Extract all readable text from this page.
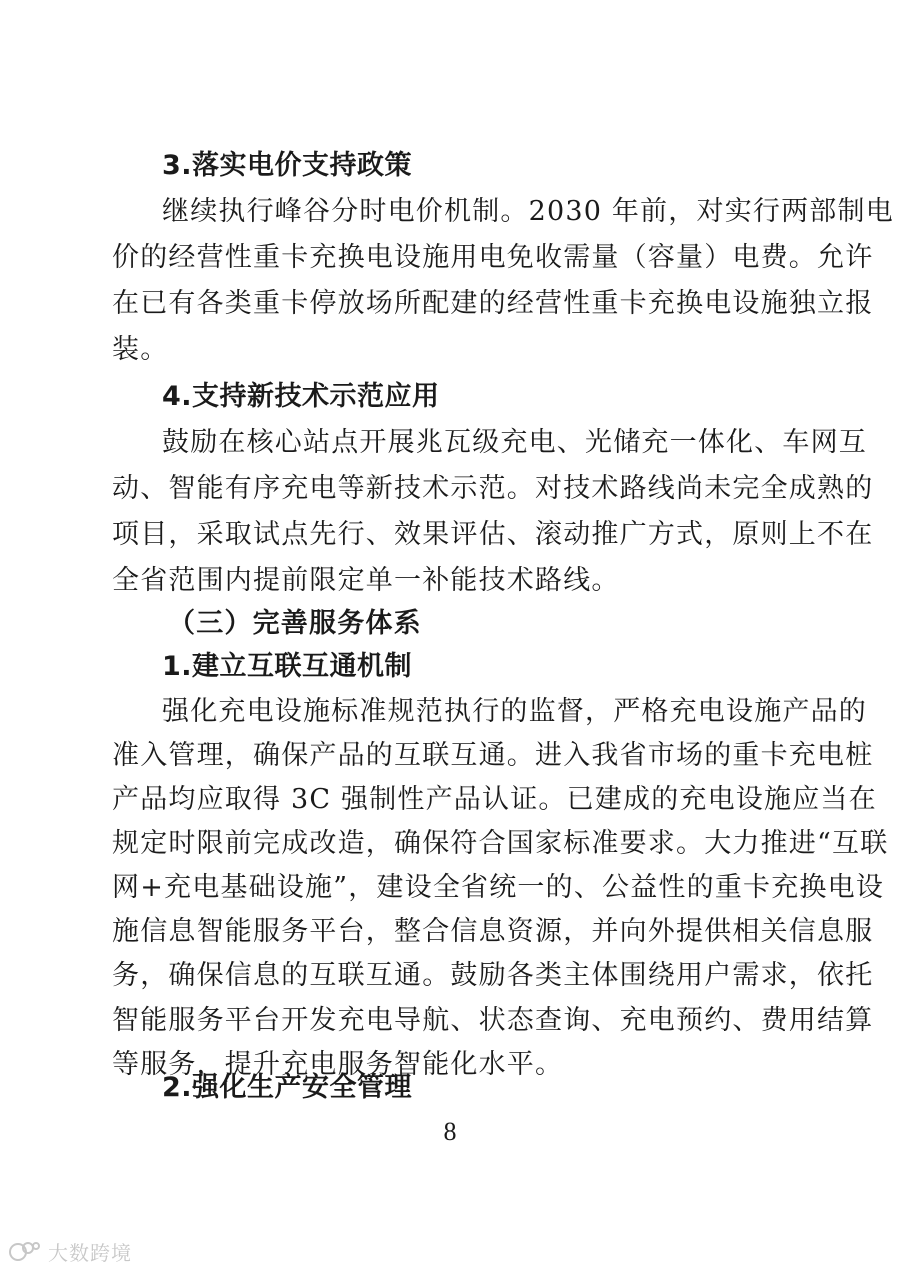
3.落实电价支持政策
继续执行峰谷分时电价机制。2030 年前，对实行两部制电
价的经营性重卡充换电设施用电免收需量（容量）电费。允许
在已有各类重卡停放场所配建的经营性重卡充换电设施独立报
装。
4.支持新技术示范应用
鼓励在核心站点开展兆瓦级充电、光储充一体化、车网互
动、智能有序充电等新技术示范。对技术路线尚未完全成熟的
项目，采取试点先行、效果评估、滚动推广方式，原则上不在
全省范围内提前限定单一补能技术路线。
（三）完善服务体系
1.建立互联互通机制
强化充电设施标准规范执行的监督，严格充电设施产品的
准入管理，确保产品的互联互通。进入我省市场的重卡充电桩
产品均应取得 3C 强制性产品认证。已建成的充电设施应当在
规定时限前完成改造，确保符合国家标准要求。大力推进“互联
网+充电基础设施”，建设全省统一的、公益性的重卡充换电设
施信息智能服务平台，整合信息资源，并向外提供相关信息服
务，确保信息的互联互通。鼓励各类主体围绕用户需求，依托
智能服务平台开发充电导航、状态查询、充电预约、费用结算
等服务，提升充电服务智能化水平。
2.强化生产安全管理
8
大数跨境
